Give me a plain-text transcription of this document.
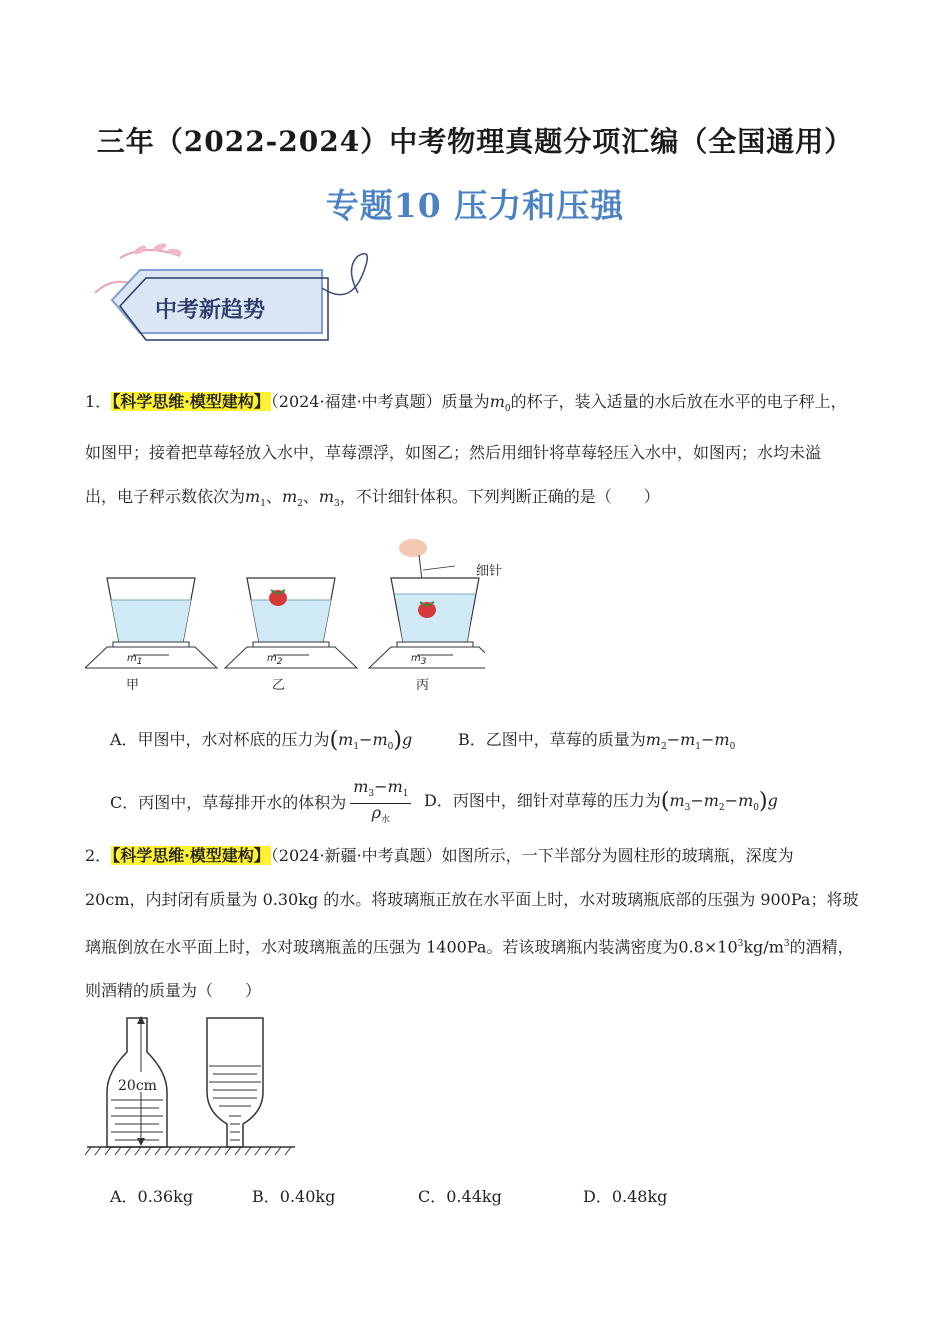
三年（2022-2024）中考物理真题分项汇编（全国通用）
专题10 压力和压强
中考新趋势
1．【科学思维·模型建构】（2024·福建·中考真题）质量为$m_0$的杯子，装入适量的水后放在水平的电子秤上，
如图甲；接着把草莓轻放入水中，草莓漂浮，如图乙；然后用细针将草莓轻压入水中，如图丙；水均未溢
出，电子秤示数依次为$m_1$、$m_2$、$m_3$，不计细针体积。下列判断正确的是（　　）
细针
$m_1$	$m_2$	$m_3$
甲	乙	丙
A．甲图中，水对杯底的压力为$(m_1-m_0)g$	B．乙图中，草莓的质量为$m_2-m_1-m_0$
C．丙图中，草莓排开水的体积为 $\frac{m_3-m_1}{\rho_水}$ D．丙图中，细针对草莓的压力为$(m_3-m_2-m_0)g$
2．【科学思维·模型建构】（2024·新疆·中考真题）如图所示，一下半部分为圆柱形的玻璃瓶，深度为
20cm，内封闭有质量为 0.30kg 的水。将玻璃瓶正放在水平面上时，水对玻璃瓶底部的压强为 900Pa；将玻
璃瓶倒放在水平面上时，水对玻璃瓶盖的压强为 1400Pa。若该玻璃瓶内装满密度为$0.8\times 10^3kg/m^3$的酒精，
则酒精的质量为（　　）
20cm
A．0.36kg	B．0.40kg	C．0.44kg	D．0.48kg
